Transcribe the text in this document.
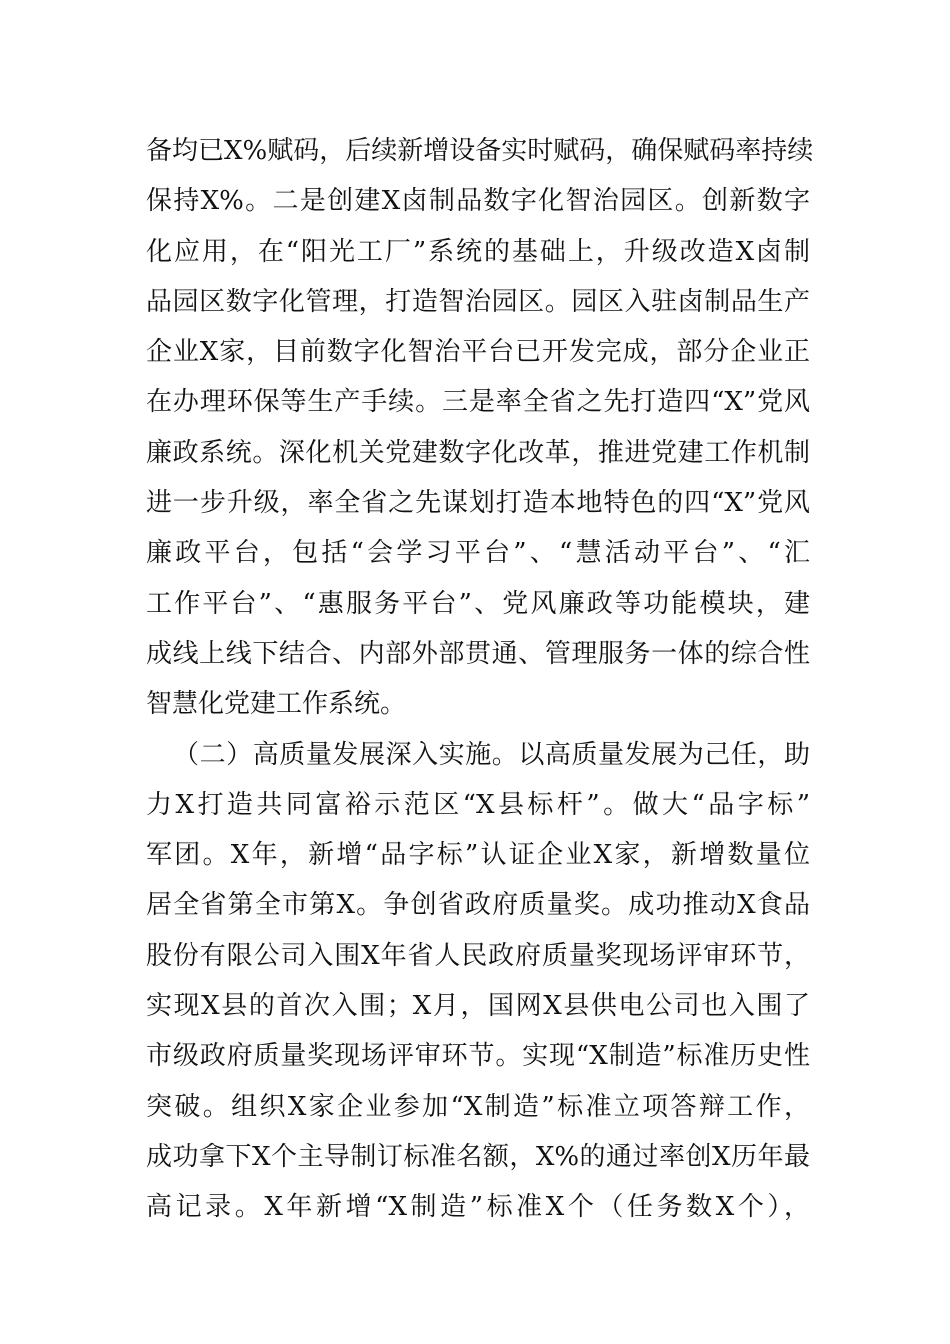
备均已X%赋码，后续新增设备实时赋码，确保赋码率持续
保持X%。二是创建X卤制品数字化智治园区。创新数字
化应用，在“阳光工厂”系统的基础上，升级改造X卤制
品园区数字化管理，打造智治园区。园区入驻卤制品生产
企业X家，目前数字化智治平台已开发完成，部分企业正
在办理环保等生产手续。三是率全省之先打造四“X”党风
廉政系统。深化机关党建数字化改革，推进党建工作机制
进一步升级，率全省之先谋划打造本地特色的四“X”党风
廉政平台，包括“会学习平台”、“慧活动平台”、“汇
工作平台”、“惠服务平台”、党风廉政等功能模块，建
成线上线下结合、内部外部贯通、管理服务一体的综合性
智慧化党建工作系统。
（二）高质量发展深入实施。以高质量发展为己任，助
力X打造共同富裕示范区“X县标杆”。做大“品字标”
军团。X年，新增“品字标”认证企业X家，新增数量位
居全省第全市第X。争创省政府质量奖。成功推动X食品
股份有限公司入围X年省人民政府质量奖现场评审环节，
实现X县的首次入围；X月，国网X县供电公司也入围了
市级政府质量奖现场评审环节。实现“X制造”标准历史性
突破。组织X家企业参加“X制造”标准立项答辩工作，
成功拿下X个主导制订标准名额，X%的通过率创X历年最
高记录。X年新增“X制造”标准X个（任务数X个），
